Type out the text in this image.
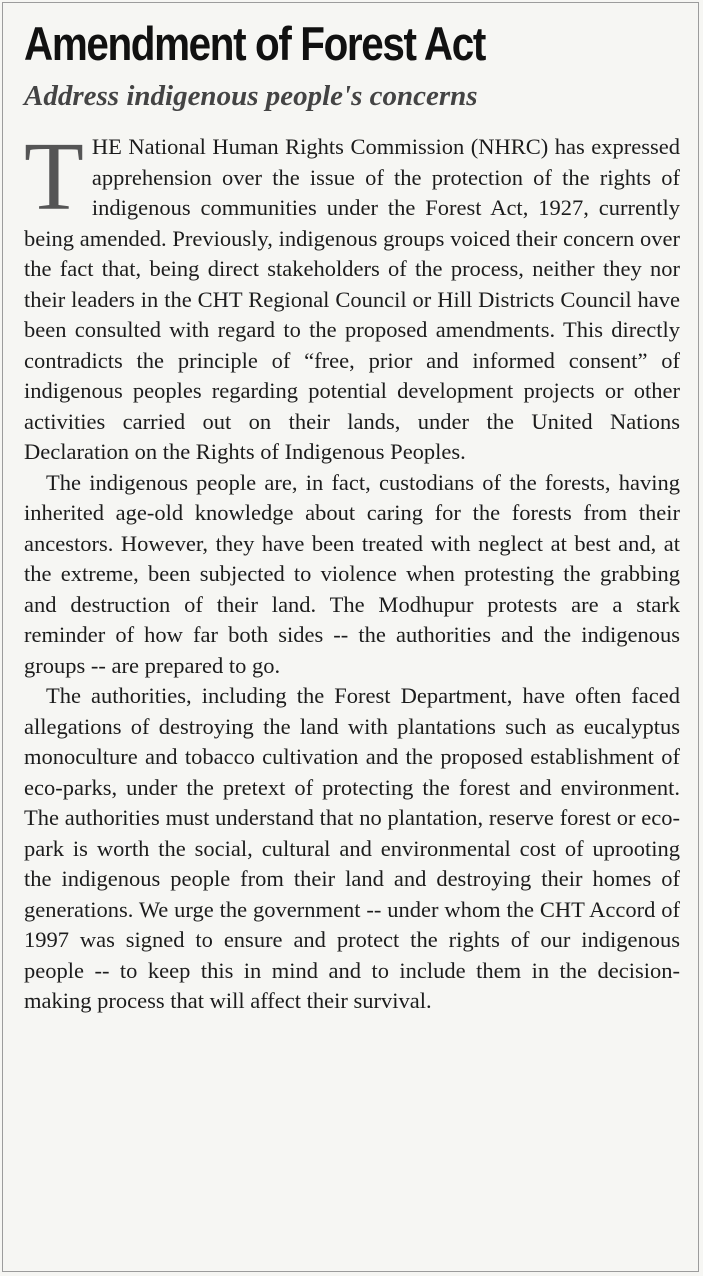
Amendment of Forest Act
Address indigenous people's concerns

THE National Human Rights Commission (NHRC) has expressed apprehension over the issue of the protection of the rights of indigenous communities under the Forest Act, 1927, currently being amended. Previously, indigenous groups voiced their concern over the fact that, being direct stakeholders of the process, neither they nor their leaders in the CHT Regional Council or Hill Districts Council have been consulted with regard to the proposed amendments. This directly contradicts the principle of “free, prior and informed consent” of indigenous peoples regarding potential development projects or other activities carried out on their lands, under the United Nations Declaration on the Rights of Indigenous Peoples.

The indigenous people are, in fact, custodians of the forests, having inherited age-old knowledge about caring for the forests from their ancestors. However, they have been treated with neglect at best and, at the extreme, been subjected to violence when protesting the grabbing and destruction of their land. The Modhupur protests are a stark reminder of how far both sides -- the authorities and the indigenous groups -- are prepared to go.

The authorities, including the Forest Department, have often faced allegations of destroying the land with plantations such as eucalyptus monoculture and tobacco cultivation and the proposed establishment of eco-parks, under the pretext of protecting the forest and environment. The authorities must understand that no plantation, reserve forest or eco-park is worth the social, cultural and environmental cost of uprooting the indigenous people from their land and destroying their homes of generations. We urge the government -- under whom the CHT Accord of 1997 was signed to ensure and protect the rights of our indigenous people -- to keep this in mind and to include them in the decision-making process that will affect their survival.
